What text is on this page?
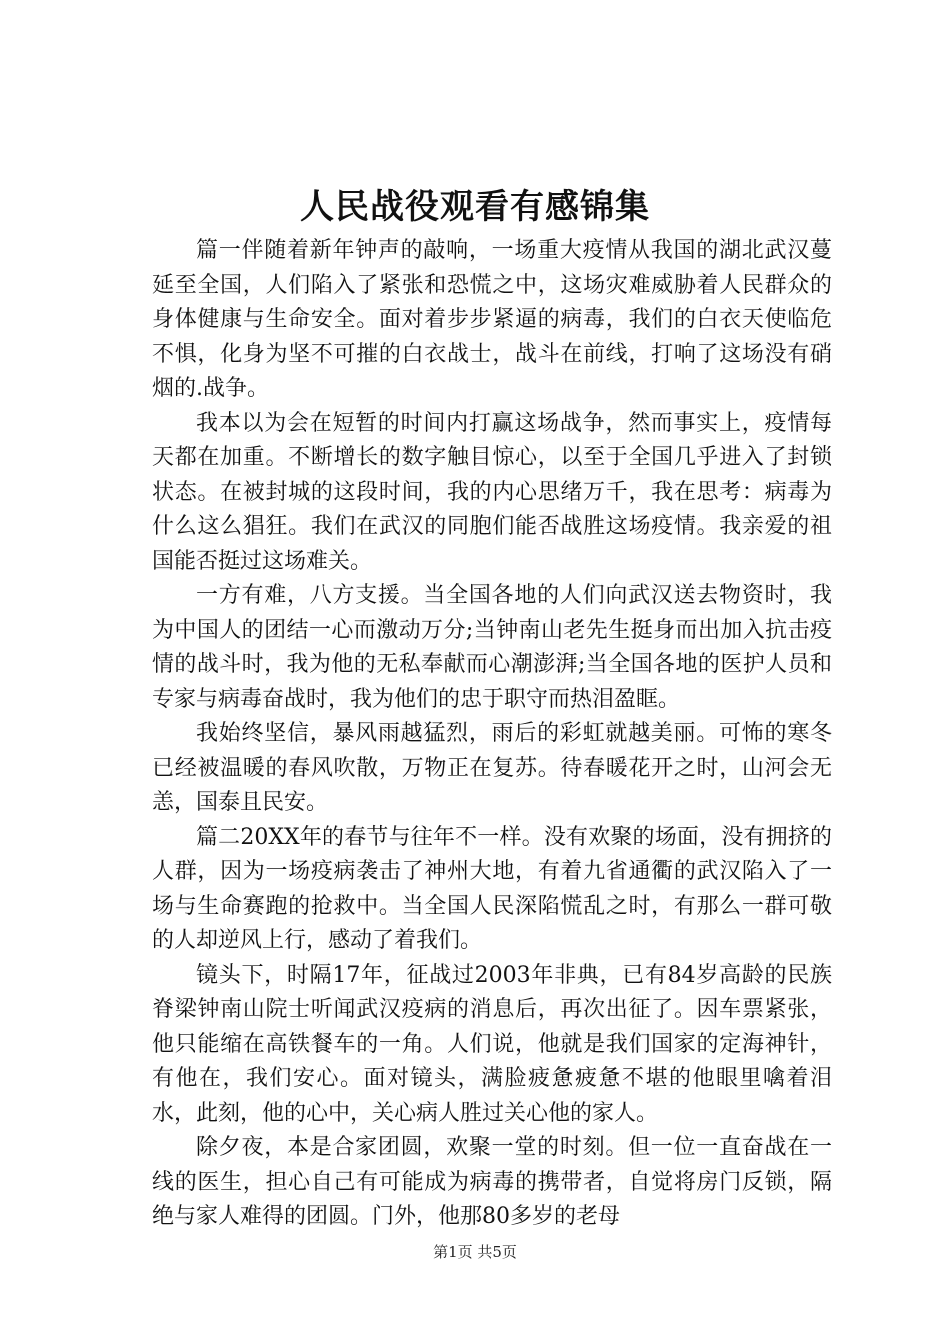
人民战役观看有感锦集

篇一伴随着新年钟声的敲响，一场重大疫情从我国的湖北武汉蔓延至全国，人们陷入了紧张和恐慌之中，这场灾难威胁着人民群众的身体健康与生命安全。面对着步步紧逼的病毒，我们的白衣天使临危不惧，化身为坚不可摧的白衣战士，战斗在前线，打响了这场没有硝烟的.战争。

我本以为会在短暂的时间内打赢这场战争，然而事实上，疫情每天都在加重。不断增长的数字触目惊心，以至于全国几乎进入了封锁状态。在被封城的这段时间，我的内心思绪万千，我在思考：病毒为什么这么猖狂。我们在武汉的同胞们能否战胜这场疫情。我亲爱的祖国能否挺过这场难关。

一方有难，八方支援。当全国各地的人们向武汉送去物资时，我为中国人的团结一心而激动万分;当钟南山老先生挺身而出加入抗击疫情的战斗时，我为他的无私奉献而心潮澎湃;当全国各地的医护人员和专家与病毒奋战时，我为他们的忠于职守而热泪盈眶。

我始终坚信，暴风雨越猛烈，雨后的彩虹就越美丽。可怖的寒冬已经被温暖的春风吹散，万物正在复苏。待春暖花开之时，山河会无恙，国泰且民安。

篇二20XX年的春节与往年不一样。没有欢聚的场面，没有拥挤的人群，因为一场疫病袭击了神州大地，有着九省通衢的武汉陷入了一场与生命赛跑的抢救中。当全国人民深陷慌乱之时，有那么一群可敬的人却逆风上行，感动了着我们。

镜头下，时隔17年，征战过2003年非典，已有84岁高龄的民族脊梁钟南山院士听闻武汉疫病的消息后，再次出征了。因车票紧张，他只能缩在高铁餐车的一角。人们说，他就是我们国家的定海神针，有他在，我们安心。面对镜头，满脸疲惫疲惫不堪的他眼里噙着泪水，此刻，他的心中，关心病人胜过关心他的家人。

除夕夜，本是合家团圆，欢聚一堂的时刻。但一位一直奋战在一线的医生，担心自己有可能成为病毒的携带者，自觉将房门反锁，隔绝与家人难得的团圆。门外，他那80多岁的老母

第1页 共5页
